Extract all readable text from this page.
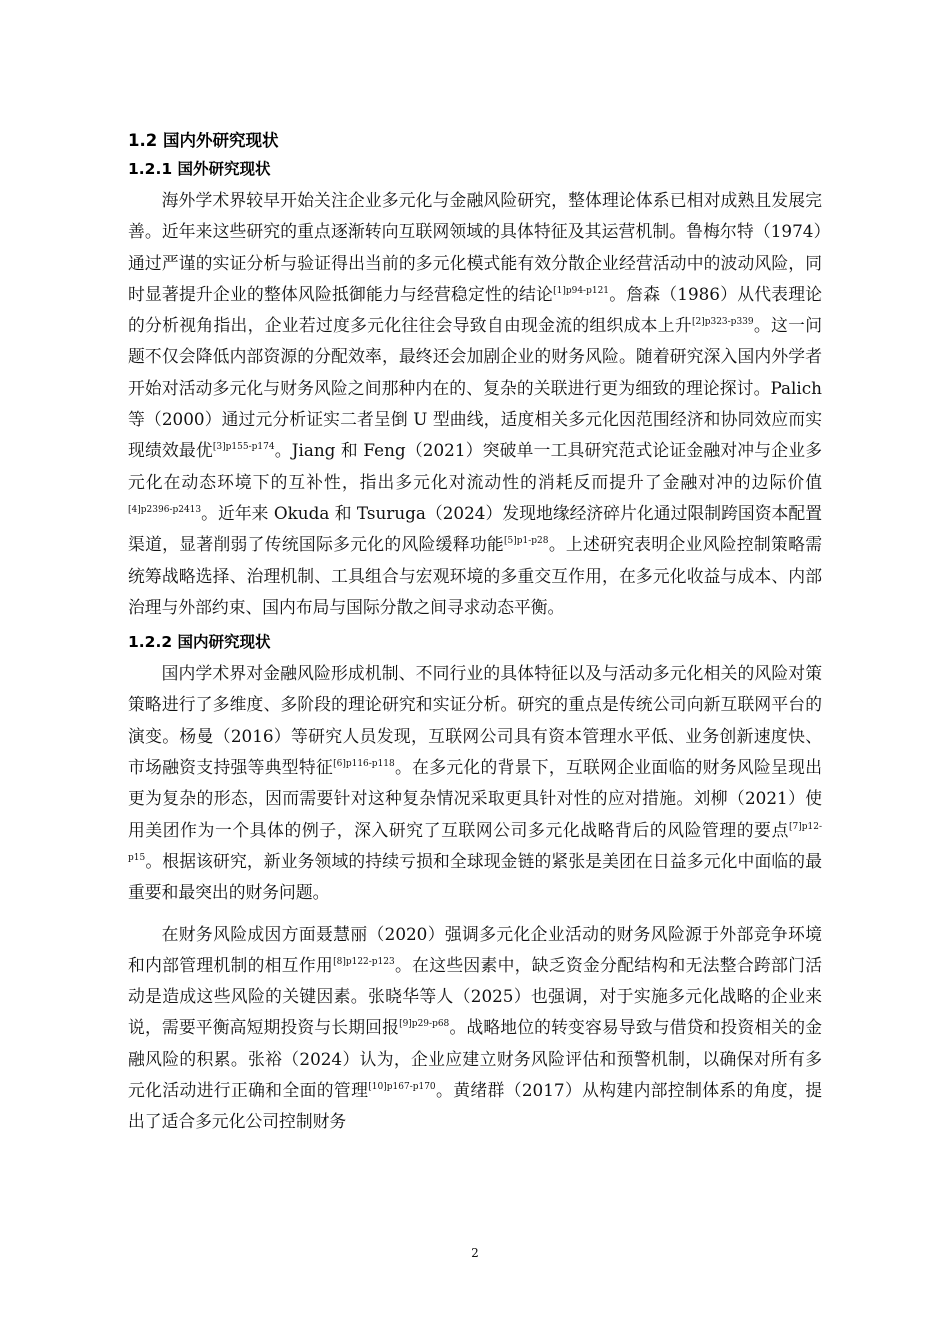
1.2 国内外研究现状
1.2.1 国外研究现状

海外学术界较早开始关注企业多元化与金融风险研究，整体理论体系已相对成熟且发展完善。近年来这些研究的重点逐渐转向互联网领域的具体特征及其运营机制。鲁梅尔特（1974）通过严谨的实证分析与验证得出当前的多元化模式能有效分散企业经营活动中的波动风险，同时显著提升企业的整体风险抵御能力与经营稳定性的结论$^{[1]p94-p121}$。詹森（1986）从代表理论的分析视角指出，企业若过度多元化往往会导致自由现金流的组织成本上升$^{[2]p323-p339}$。这一问题不仅会降低内部资源的分配效率，最终还会加剧企业的财务风险。随着研究深入国内外学者开始对活动多元化与财务风险之间那种内在的、复杂的关联进行更为细致的理论探讨。Palich 等（2000）通过元分析证实二者呈倒 U 型曲线，适度相关多元化因范围经济和协同效应而实现绩效最优$^{[3]p155-p174}$。Jiang 和 Feng（2021）突破单一工具研究范式论证金融对冲与企业多元化在动态环境下的互补性，指出多元化对流动性的消耗反而提升了金融对冲的边际价值$^{[4]p2396-p2413}$。近年来 Okuda 和 Tsuruga（2024）发现地缘经济碎片化通过限制跨国资本配置渠道，显著削弱了传统国际多元化的风险缓释功能$^{[5]p1-p28}$。上述研究表明企业风险控制策略需统筹战略选择、治理机制、工具组合与宏观环境的多重交互作用，在多元化收益与成本、内部治理与外部约束、国内布局与国际分散之间寻求动态平衡。

1.2.2 国内研究现状

国内学术界对金融风险形成机制、不同行业的具体特征以及与活动多元化相关的风险对策策略进行了多维度、多阶段的理论研究和实证分析。研究的重点是传统公司向新互联网平台的演变。杨曼（2016）等研究人员发现，互联网公司具有资本管理水平低、业务创新速度快、市场融资支持强等典型特征$^{[6]p116-p118}$。在多元化的背景下，互联网企业面临的财务风险呈现出更为复杂的形态，因而需要针对这种复杂情况采取更具针对性的应对措施。刘柳（2021）使用美团作为一个具体的例子，深入研究了互联网公司多元化战略背后的风险管理的要点$^{[7]p12-p15}$。根据该研究，新业务领域的持续亏损和全球现金链的紧张是美团在日益多元化中面临的最重要和最突出的财务问题。

在财务风险成因方面聂慧丽（2020）强调多元化企业活动的财务风险源于外部竞争环境和内部管理机制的相互作用$^{[8]p122-p123}$。在这些因素中，缺乏资金分配结构和无法整合跨部门活动是造成这些风险的关键因素。张晓华等人（2025）也强调，对于实施多元化战略的企业来说，需要平衡高短期投资与长期回报$^{[9]p29-p68}$。战略地位的转变容易导致与借贷和投资相关的金融风险的积累。张裕（2024）认为，企业应建立财务风险评估和预警机制，以确保对所有多元化活动进行正确和全面的管理$^{[10]p167-p170}$。黄绪群（2017）从构建内部控制体系的角度，提出了适合多元化公司控制财务

2
